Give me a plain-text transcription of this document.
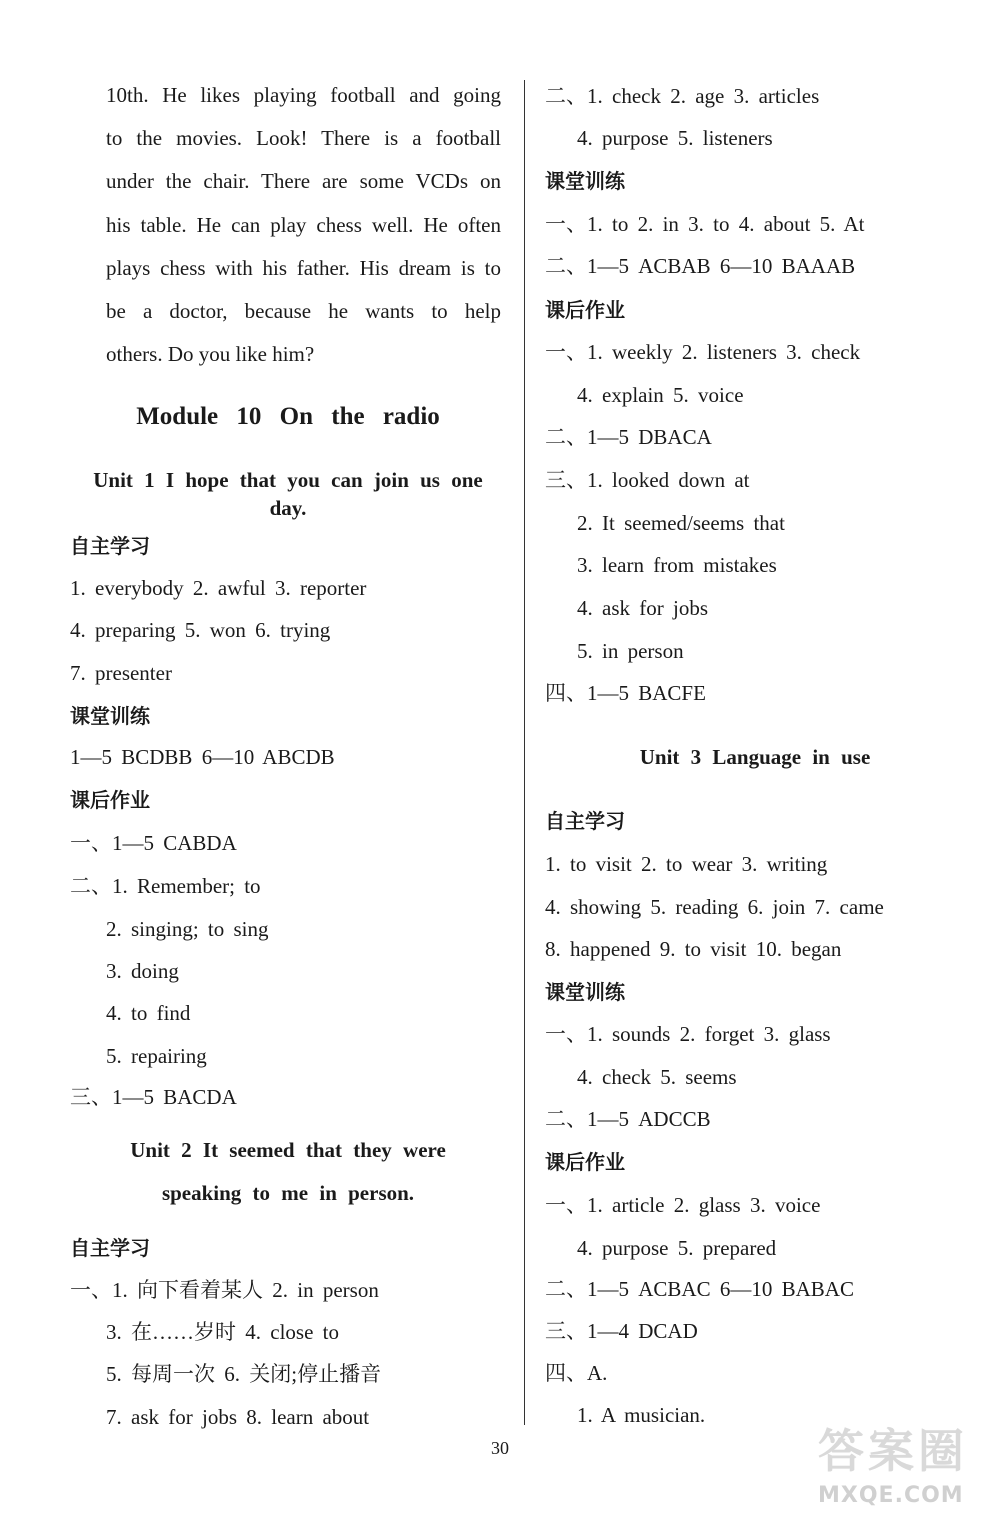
10th. He likes playing football and going
to the movies. Look! There is a football
under the chair. There are some VCDs on
his table. He can play chess well. He often
plays chess with his father. His dream is to
be a doctor, because he wants to help
others. Do you like him?
Module 10 On the radio
Unit 1 I hope that you can join us one day.
自主学习
1. everybody 2. awful 3. reporter
4. preparing 5. won 6. trying
7. presenter
课堂训练
1—5 BCDBB 6—10 ABCDB
课后作业
一、1—5 CABDA
二、1. Remember; to
2. singing; to sing
3. doing
4. to find
5. repairing
三、1—5 BACDA
Unit 2 It seemed that they were
speaking to me in person.
自主学习
一、1. 向下看着某人 2. in person
3. 在……岁时 4. close to
5. 每周一次 6. 关闭;停止播音
7. ask for jobs 8. learn about
二、1. check 2. age 3. articles
4. purpose 5. listeners
课堂训练
一、1. to 2. in 3. to 4. about 5. At
二、1—5 ACBAB 6—10 BAAAB
课后作业
一、1. weekly 2. listeners 3. check
4. explain 5. voice
二、1—5 DBACA
三、1. looked down at
2. It seemed/seems that
3. learn from mistakes
4. ask for jobs
5. in person
四、1—5 BACFE
Unit 3 Language in use
自主学习
1. to visit 2. to wear 3. writing
4. showing 5. reading 6. join 7. came
8. happened 9. to visit 10. began
课堂训练
一、1. sounds 2. forget 3. glass
4. check 5. seems
二、1—5 ADCCB
课后作业
一、1. article 2. glass 3. voice
4. purpose 5. prepared
二、1—5 ACBAC 6—10 BABAC
三、1—4 DCAD
四、A.
1. A musician.
30	答案圈
MXQE.COM
